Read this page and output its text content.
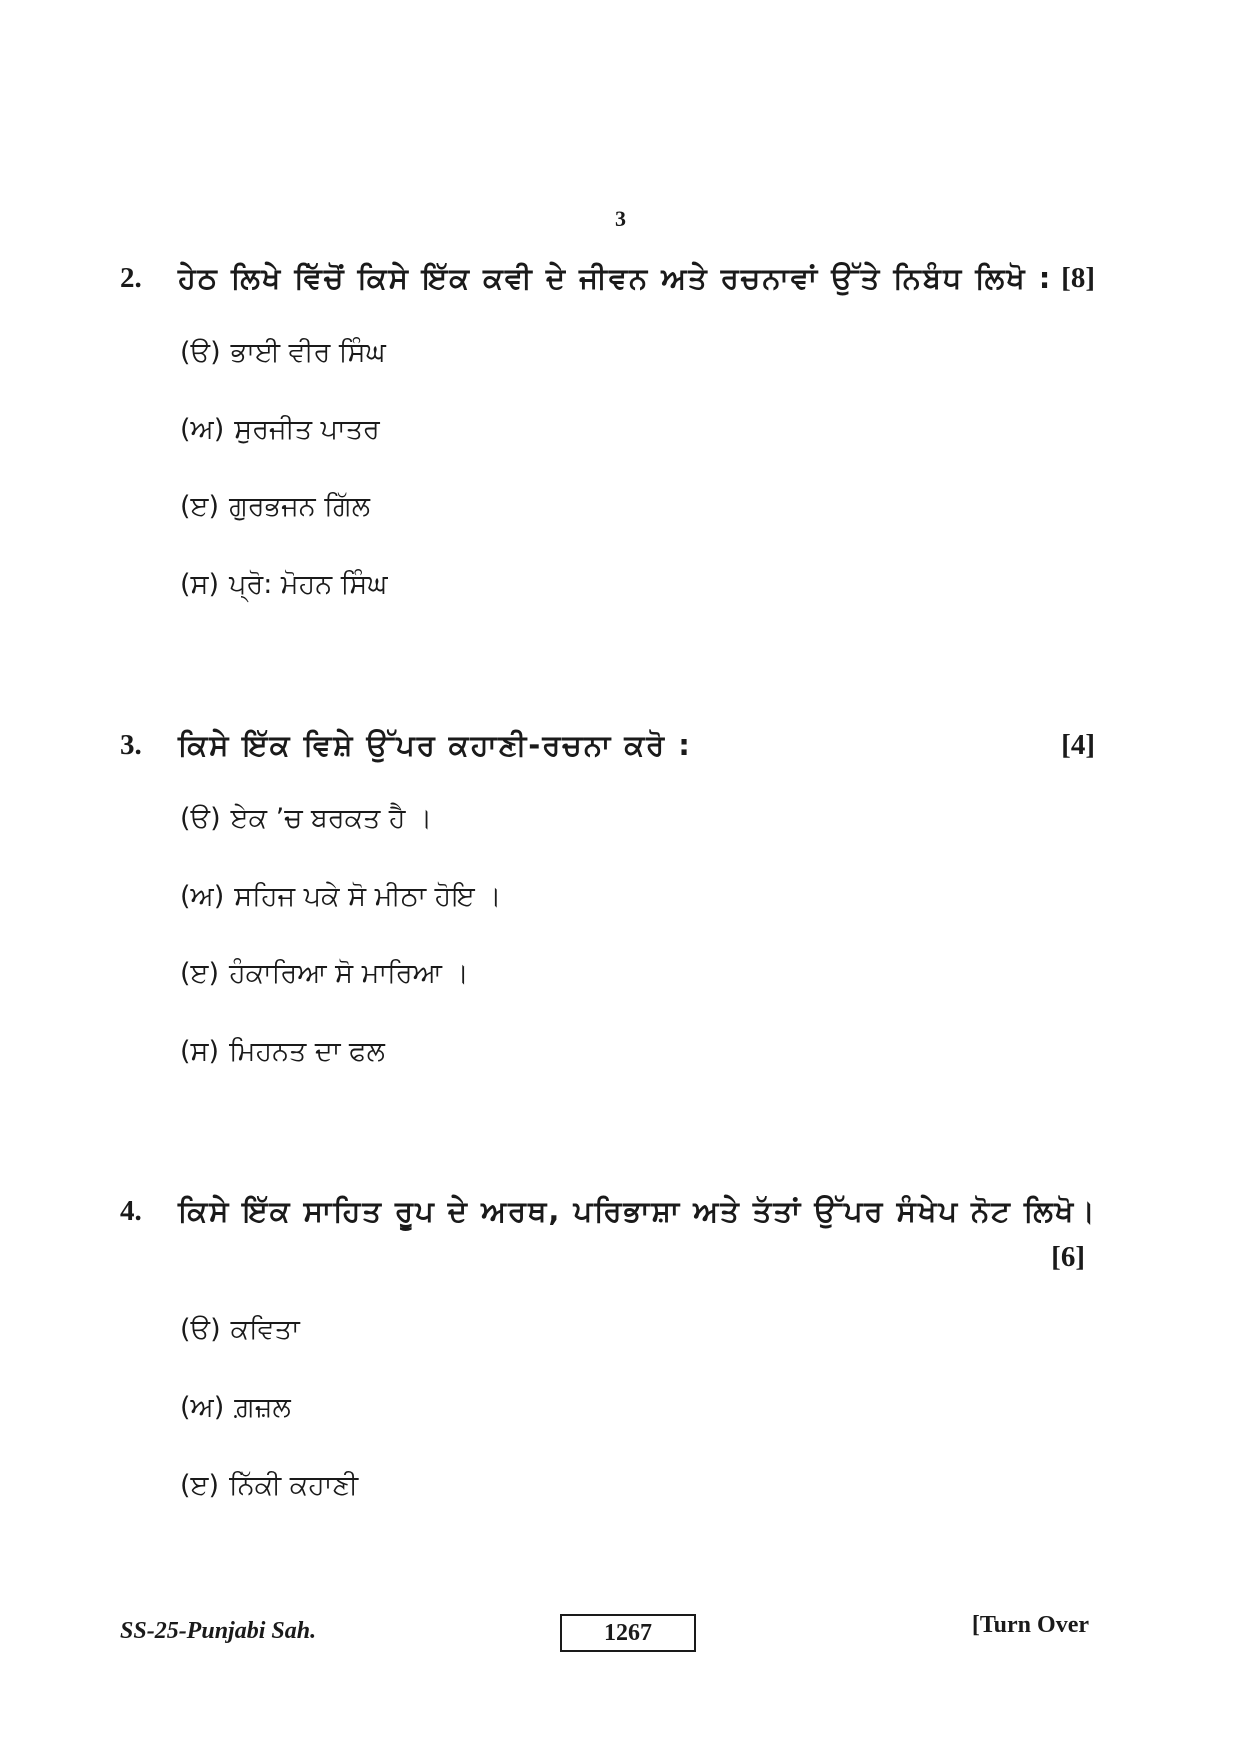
3
2. ਹੇਠ ਲਿਖੇ ਵਿੱਚੋਂ ਕਿਸੇ ਇੱਕ ਕਵੀ ਦੇ ਜੀਵਨ ਅਤੇ ਰਚਨਾਵਾਂ ਉੱਤੇ ਨਿਬੰਧ ਲਿਖੋ : [8]
(ੳ) ਭਾਈ ਵੀਰ ਸਿੰਘ
(ਅ) ਸੁਰਜੀਤ ਪਾਤਰ
(ੲ) ਗੁਰਭਜਨ ਗਿੱਲ
(ਸ) ਪ੍ਰੋ: ਮੋਹਨ ਸਿੰਘ
3. ਕਿਸੇ ਇੱਕ ਵਿਸ਼ੇ ਉੱਪਰ ਕਹਾਣੀ-ਰਚਨਾ ਕਰੋ :	[4]
(ੳ) ਏਕ ’ਚ ਬਰਕਤ ਹੈ ।
(ਅ) ਸਹਿਜ ਪਕੇ ਸੋ ਮੀਠਾ ਹੋਇ ।
(ੲ) ਹੰਕਾਰਿਆ ਸੋ ਮਾਰਿਆ ।
(ਸ) ਮਿਹਨਤ ਦਾ ਫਲ
4. ਕਿਸੇ ਇੱਕ ਸਾਹਿਤ ਰੂਪ ਦੇ ਅਰਥ, ਪਰਿਭਾਸ਼ਾ ਅਤੇ ਤੱਤਾਂ ਉੱਪਰ ਸੰਖੇਪ ਨੋਟ ਲਿਖੋ।
[6]
(ੳ) ਕਵਿਤਾ
(ਅ) ਗ਼ਜ਼ਲ
(ੲ) ਨਿੱਕੀ ਕਹਾਣੀ
SS-25-Punjabi Sah.	1267	[Turn Over
